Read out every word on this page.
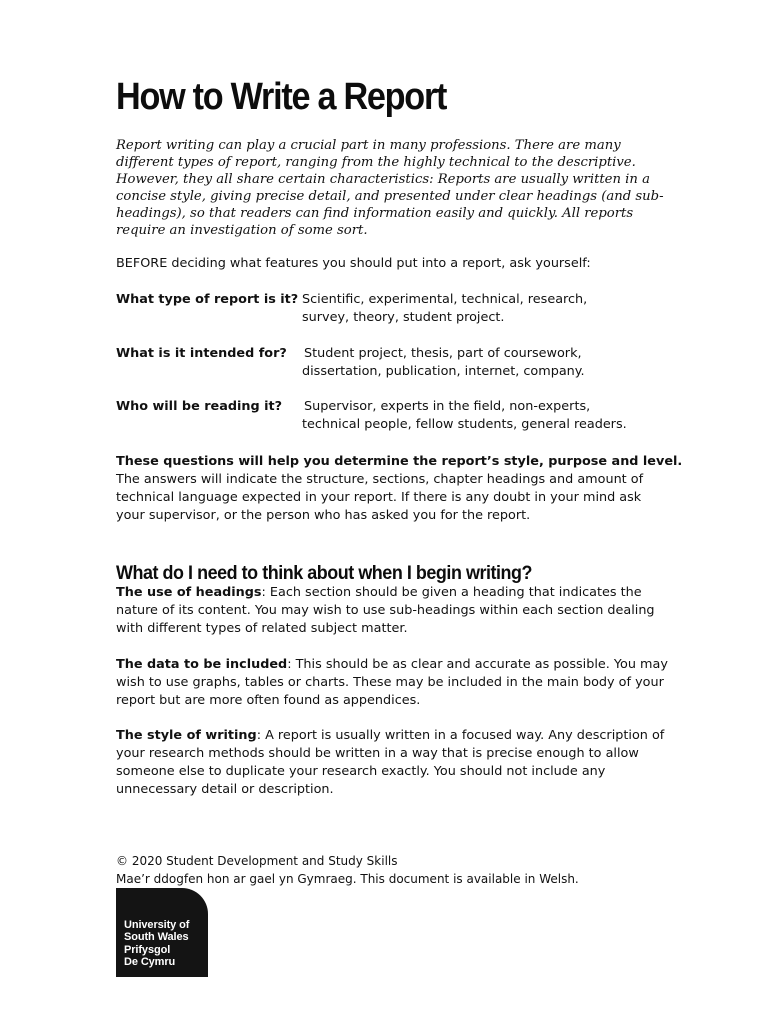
How to Write a Report

Report writing can play a crucial part in many professions. There are many
different types of report, ranging from the highly technical to the descriptive.
However, they all share certain characteristics: Reports are usually written in a
concise style, giving precise detail, and presented under clear headings (and sub-
headings), so that readers can find information easily and quickly. All reports
require an investigation of some sort.

BEFORE deciding what features you should put into a report, ask yourself:

What type of report is it? Scientific, experimental, technical, research,
survey, theory, student project.

What is it intended for? Student project, thesis, part of coursework,
dissertation, publication, internet, company.

Who will be reading it? Supervisor, experts in the field, non-experts,
technical people, fellow students, general readers.

These questions will help you determine the report’s style, purpose and level.
The answers will indicate the structure, sections, chapter headings and amount of
technical language expected in your report. If there is any doubt in your mind ask
your supervisor, or the person who has asked you for the report.

What do I need to think about when I begin writing?

The use of headings: Each section should be given a heading that indicates the
nature of its content. You may wish to use sub-headings within each section dealing
with different types of related subject matter.

The data to be included: This should be as clear and accurate as possible. You may
wish to use graphs, tables or charts. These may be included in the main body of your
report but are more often found as appendices.

The style of writing: A report is usually written in a focused way. Any description of
your research methods should be written in a way that is precise enough to allow
someone else to duplicate your research exactly. You should not include any
unnecessary detail or description.

© 2020 Student Development and Study Skills
Mae’r ddogfen hon ar gael yn Gymraeg. This document is available in Welsh.

University of
South Wales
Prifysgol
De Cymru
